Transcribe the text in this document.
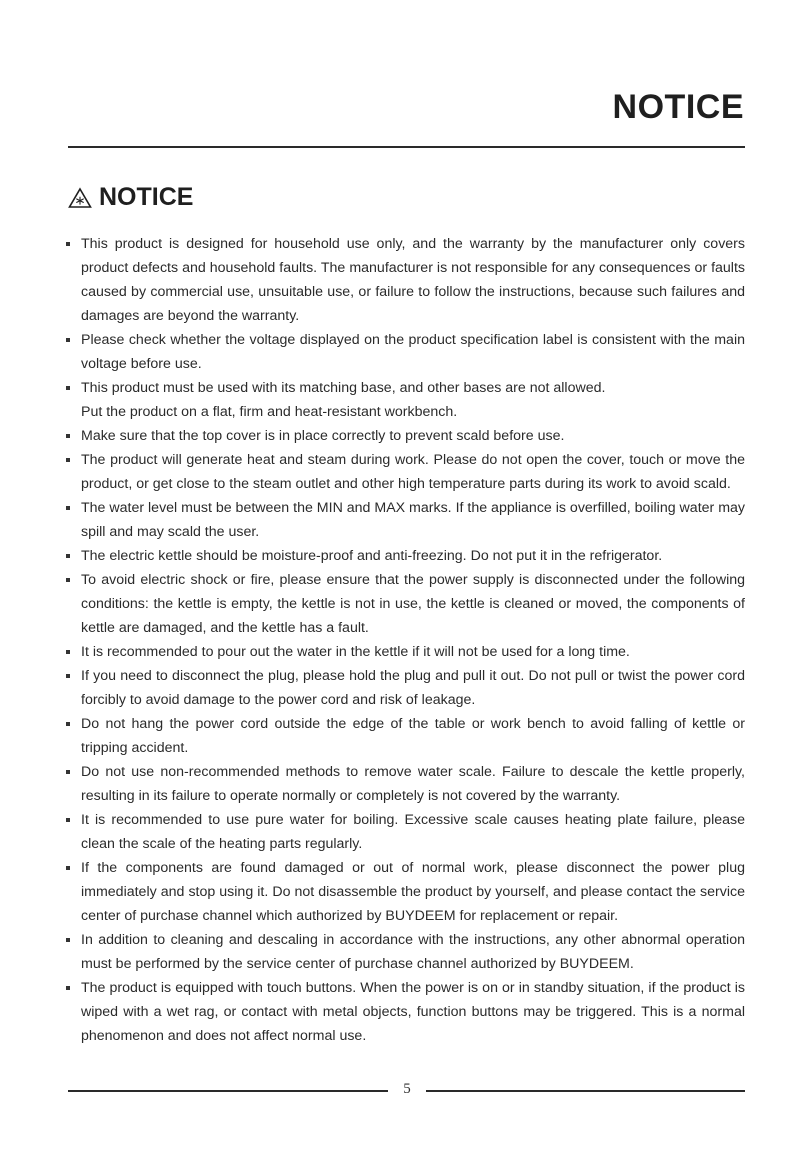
NOTICE
NOTICE
This product is designed for household use only, and the warranty by the manufacturer only covers product defects and household faults. The manufacturer is not responsible for any consequences or faults caused by commercial use, unsuitable use, or failure to follow the instructions, because such failures and damages are beyond the warranty.
Please check whether the voltage displayed on the product specification label is consistent with the main voltage before use.
This product must be used with its matching base, and other bases are not allowed.
Put the product on a flat, firm and heat-resistant workbench.
Make sure that the top cover is in place correctly to prevent scald before use.
The product will generate heat and steam during work. Please do not open the cover, touch or move the product, or get close to the steam outlet and other high temperature parts during its work to avoid scald.
The water level must be between the MIN and MAX marks. If the appliance is overfilled, boiling water may spill and may scald the user.
The electric kettle should be moisture-proof and anti-freezing. Do not put it in the refrigerator.
To avoid electric shock or fire, please ensure that the power supply is disconnected under the following conditions: the kettle is empty, the kettle is not in use, the kettle is cleaned or moved, the components of kettle are damaged, and the kettle has a fault.
It is recommended to pour out the water in the kettle if it will not be used for a long time.
If you need to disconnect the plug, please hold the plug and pull it out. Do not pull or twist the power cord forcibly to avoid damage to the power cord and risk of leakage.
Do not hang the power cord outside the edge of the table or work bench to avoid falling of kettle or tripping accident.
Do not use non-recommended methods to remove water scale. Failure to descale the kettle properly, resulting in its failure to operate normally or completely is not covered by the warranty.
It is recommended to use pure water for boiling. Excessive scale causes heating plate failure, please clean the scale of the heating parts regularly.
If the components are found damaged or out of normal work, please disconnect the power plug immediately and stop using it. Do not disassemble the product by yourself, and please contact the service center of purchase channel which authorized by BUYDEEM for replacement or repair.
In addition to cleaning and descaling in accordance with the instructions, any other abnormal operation must be performed by the service center of purchase channel authorized by BUYDEEM.
The product is equipped with touch buttons. When the power is on or in standby situation, if the product is wiped with a wet rag, or contact with metal objects, function buttons may be triggered. This is a normal phenomenon and does not affect normal use.
5
